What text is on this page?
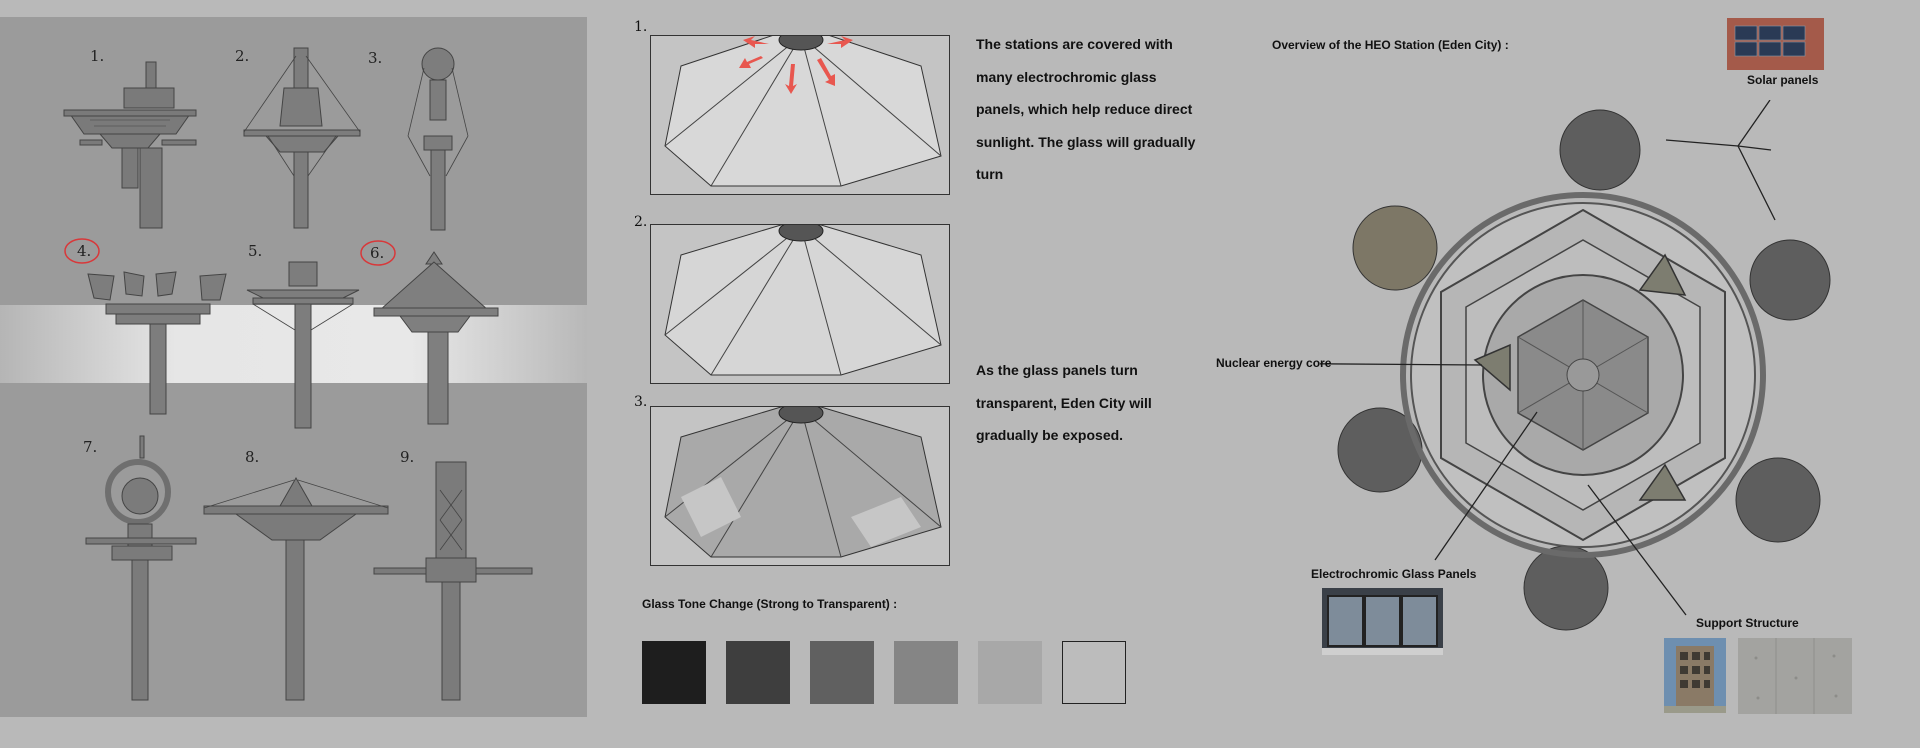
1.	2.	3.
4.	5.	6.
7.
8.	9.
1.
2.
3.
The stations are covered with many electrochromic glass panels, which help reduce direct sunlight. The glass will gradually turn
As the glass panels turn transparent, Eden City will gradually be exposed.
Glass Tone Change (Strong to Transparent) :
Overview of the HEO Station (Eden City) :
Solar panels
Nuclear energy core
Electrochromic Glass Panels
Support Structure
